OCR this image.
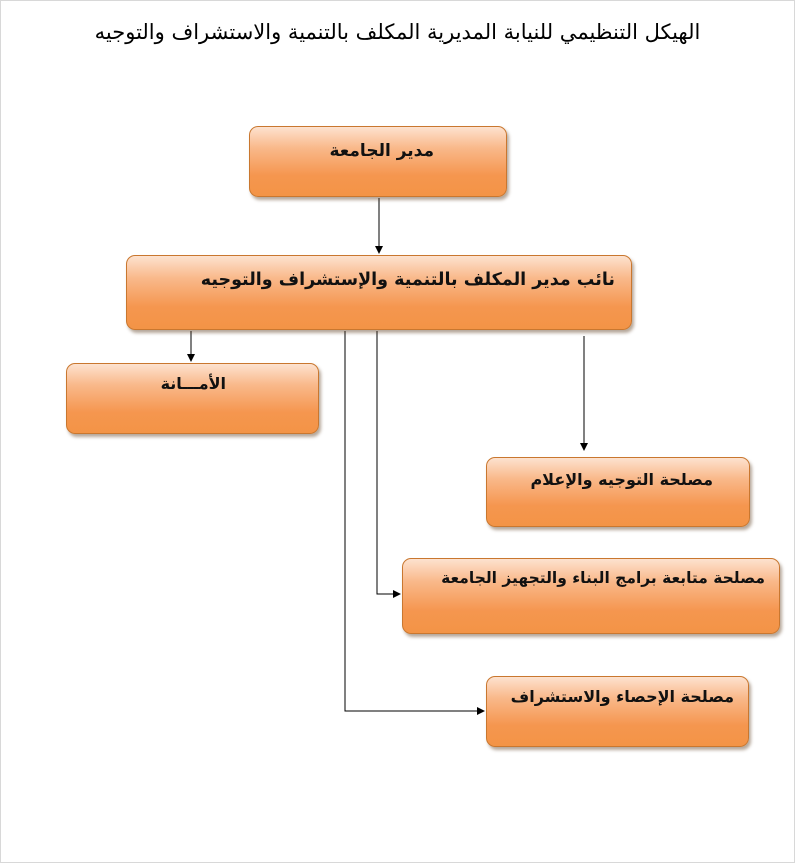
الهيكل التنظيمي للنيابة المديرية المكلف بالتنمية والاستشراف والتوجيه
مدير الجامعة
نائب مدير المكلف بالتنمية والإستشراف والتوجيه
الأمـــانة
مصلحة التوجيه والإعلام
مصلحة متابعة برامج البناء والتجهيز الجامعة
مصلحة الإحصاء والاستشراف
